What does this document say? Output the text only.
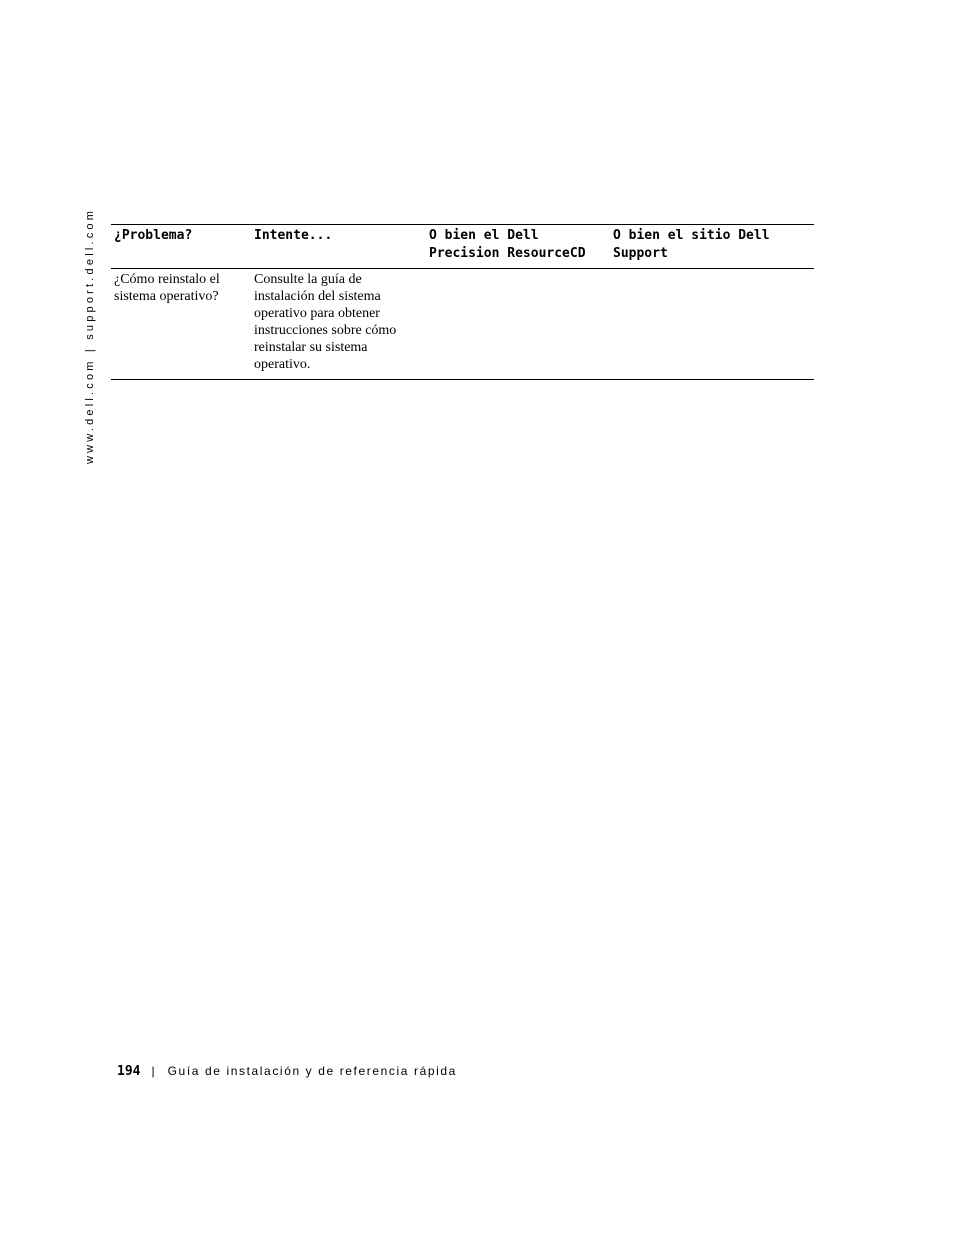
www.dell.com | support.dell.com ¿Problema?	Intente...	O bien el Dell Precision ResourceCD	O bien el sitio Dell Support
¿Cómo reinstalo el sistema operativo?	Consulte la guía de instalación del sistema operativo para obtener instrucciones sobre cómo reinstalar su sistema operativo.		
194 | Guía de instalación y de referencia rápida
